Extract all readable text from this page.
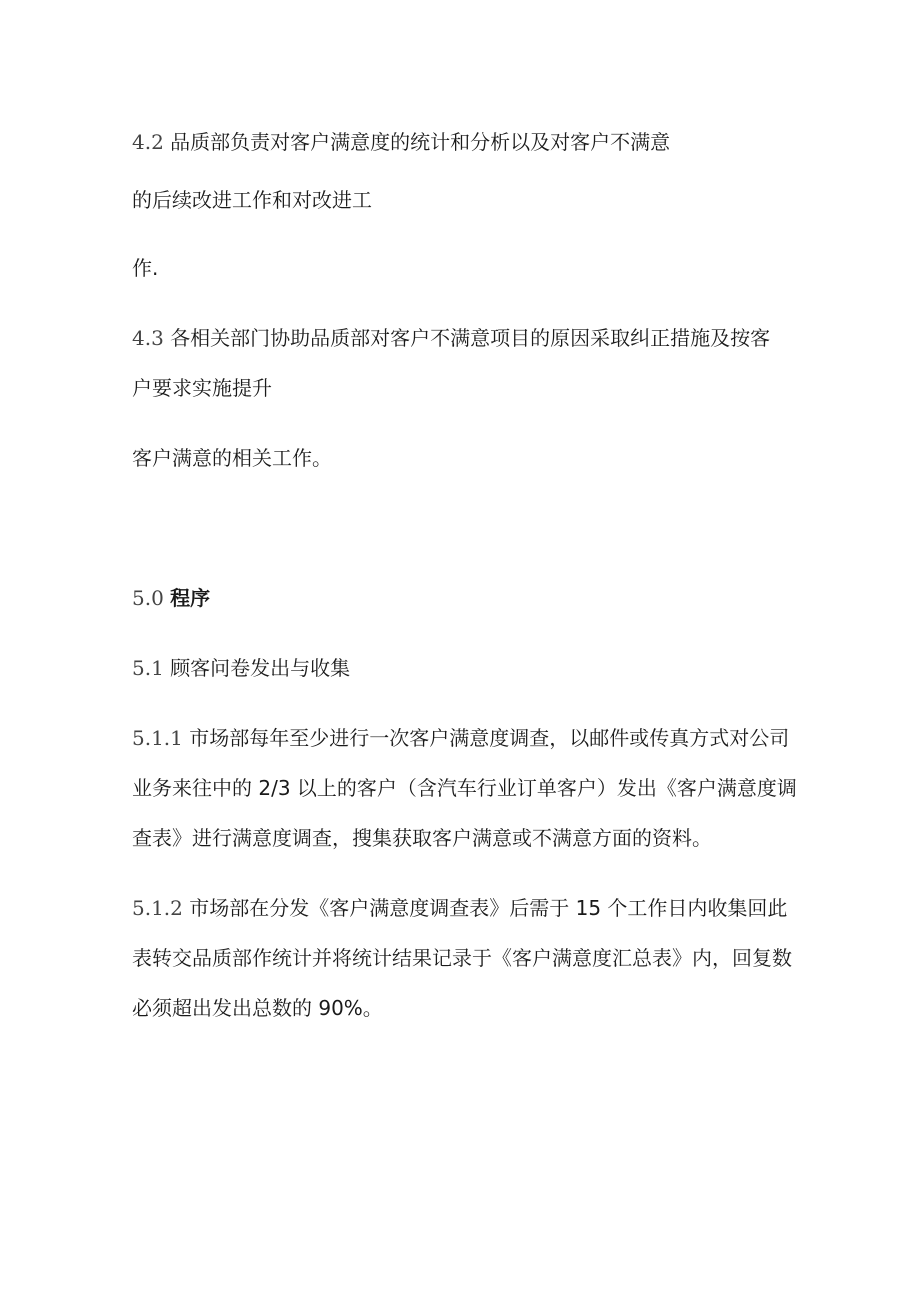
4.2 品质部负责对客户满意度的统计和分析以及对客户不满意

的后续改进工作和对改进工

作.

4.3 各相关部门协助品质部对客户不满意项目的原因采取纠正措施及按客

户要求实施提升

客户满意的相关工作。

5.0 程序

5.1 顾客问卷发出与收集

5.1.1 市场部每年至少进行一次客户满意度调查，以邮件或传真方式对公司

业务来往中的 2/3 以上的客户（含汽车行业订单客户）发出《客户满意度调

查表》进行满意度调查，搜集获取客户满意或不满意方面的资料。

5.1.2 市场部在分发《客户满意度调查表》后需于 15 个工作日内收集回此

表转交品质部作统计并将统计结果记录于《客户满意度汇总表》内，回复数

必须超出发出总数的 90%。
